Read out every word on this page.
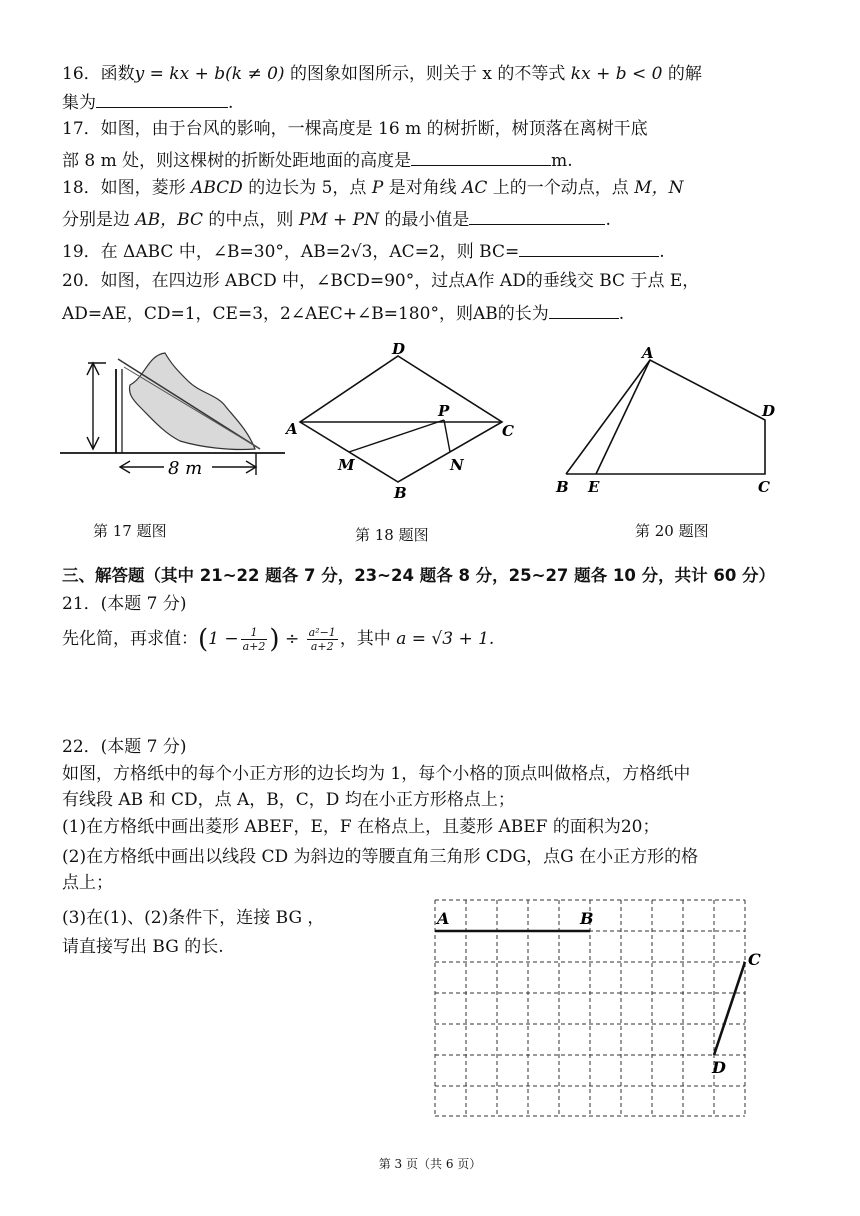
16．函数y = kx + b(k ≠ 0) 的图象如图所示，则关于 x 的不等式 kx + b < 0 的解
集为	.
17．如图，由于台风的影响，一棵高度是 16 m 的树折断，树顶落在离树干底
部 8 m 处，则这棵树的折断处距地面的高度是	m.
18．如图，菱形 ABCD 的边长为 5，点 P 是对角线 AC 上的一个动点，点 M，N
分别是边 AB，BC 的中点，则 PM + PN 的最小值是	.
19．在 ΔABC 中，∠B=30°，AB=2√3，AC=2，则 BC=	.
20．如图，在四边形 ABCD 中，∠BCD=90°，过点A作 AD的垂线交 BC 于点 E，
AD=AE，CD=1，CE=3，2∠AEC+∠B=180°，则AB的长为	.
8 m
第 17 题图
D
A
P
C
M	N
B
第 18 题图
A
D
B E	C
第 20 题图
三、解答题（其中 21~22 题各 7 分，23~24 题各 8 分，25~27 题各 10 分，共计 60 分）
21．(本题 7 分)
先化简，再求值：($1 - \frac{1}{a+2}$ ) ÷ $\frac{\text{a²−1}}{a+2}$ ，其中 a = √3 + 1.
22．(本题 7 分)
如图，方格纸中的每个小正方形的边长均为 1，每个小格的顶点叫做格点，方格纸中
有线段 AB 和 CD，点 A，B，C，D 均在小正方形格点上；
(1)在方格纸中画出菱形 ABEF，E，F 在格点上，且菱形 ABEF 的面积为20；
(2)在方格纸中画出以线段 CD 为斜边的等腰直角三角形 CDG，点G 在小正方形的格
点上；
(3)在(1)、(2)条件下，连接 BG ，
请直接写出 BG 的长.
A	B
C
D
第 3 页（共 6 页）
